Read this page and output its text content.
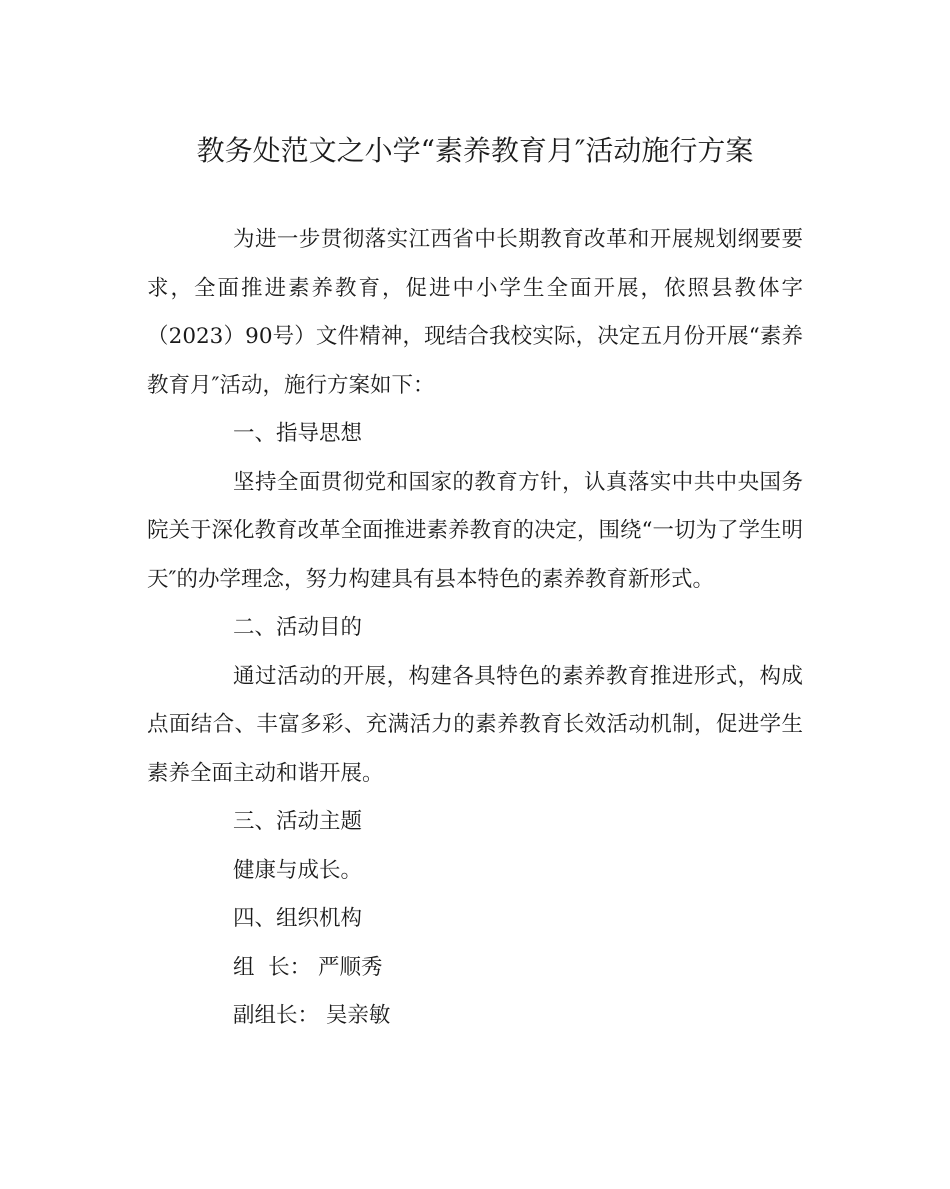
教务处范文之小学“素养教育月″活动施行方案

为进一步贯彻落实江西省中长期教育改革和开展规划纲要要求，全面推进素养教育，促进中小学生全面开展，依照县教体字（2023）90号）文件精神，现结合我校实际，决定五月份开展“素养教育月″活动，施行方案如下：

一、指导思想

坚持全面贯彻党和国家的教育方针，认真落实中共中央国务院关于深化教育改革全面推进素养教育的决定，围绕“一切为了学生明天″的办学理念，努力构建具有县本特色的素养教育新形式。

二、活动目的

通过活动的开展，构建各具特色的素养教育推进形式，构成点面结合、丰富多彩、充满活力的素养教育长效活动机制，促进学生素养全面主动和谐开展。

三、活动主题

健康与成长。

四、组织机构

组  长： 严顺秀

副组长： 吴亲敏
